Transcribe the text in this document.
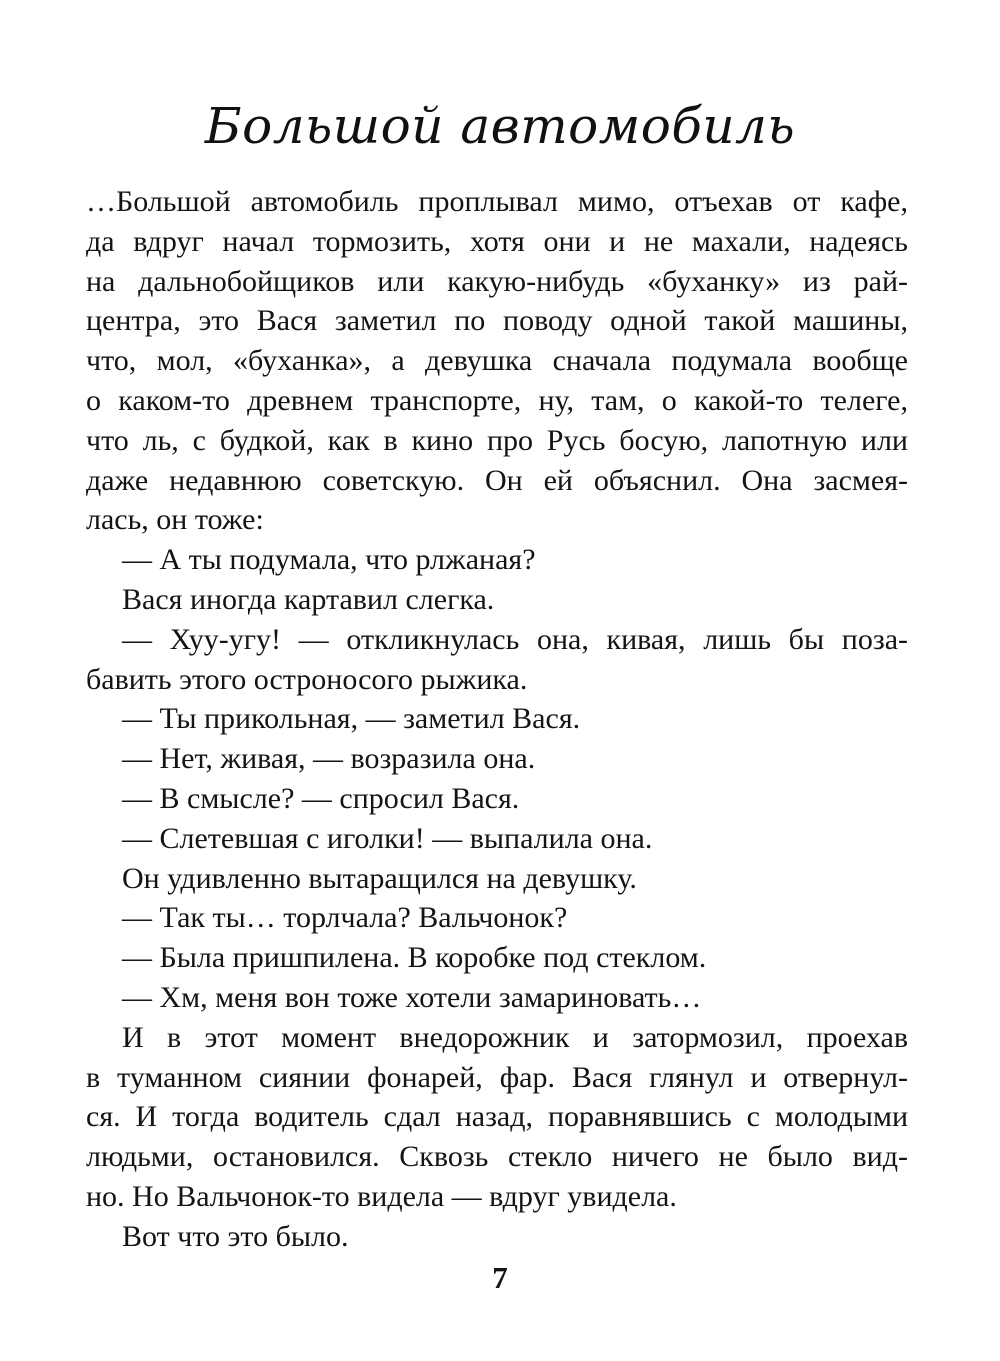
Большой автомобиль
…Большой автомобиль проплывал мимо, отъехав от кафе,
да вдруг начал тормозить, хотя они и не махали, надеясь
на дальнобойщиков или какую-нибудь «буханку» из рай-
центра, это Вася заметил по поводу одной такой машины,
что, мол, «буханка», а девушка сначала подумала вообще
о каком-то древнем транспорте, ну, там, о какой-то телеге,
что ль, с будкой, как в кино про Русь босую, лапотную или
даже недавнюю советскую. Он ей объяснил. Она засмея-
лась, он тоже:
— А ты подумала, что рлжаная?
Вася иногда картавил слегка.
— Хуу-угу! — откликнулась она, кивая, лишь бы поза-
бавить этого остроносого рыжика.
— Ты прикольная, — заметил Вася.
— Нет, живая, — возразила она.
— В смысле? — спросил Вася.
— Слетевшая с иголки! — выпалила она.
Он удивленно вытаращился на девушку.
— Так ты… торлчала? Вальчонок?
— Была пришпилена. В коробке под стеклом.
— Хм, меня вон тоже хотели замариновать…
И в этот момент внедорожник и затормозил, проехав
в туманном сиянии фонарей, фар. Вася глянул и отвернул-
ся. И тогда водитель сдал назад, поравнявшись с молодыми
людьми, остановился. Сквозь стекло ничего не было вид-
но. Но Вальчонок-то видела — вдруг увидела.
Вот что это было.
7
